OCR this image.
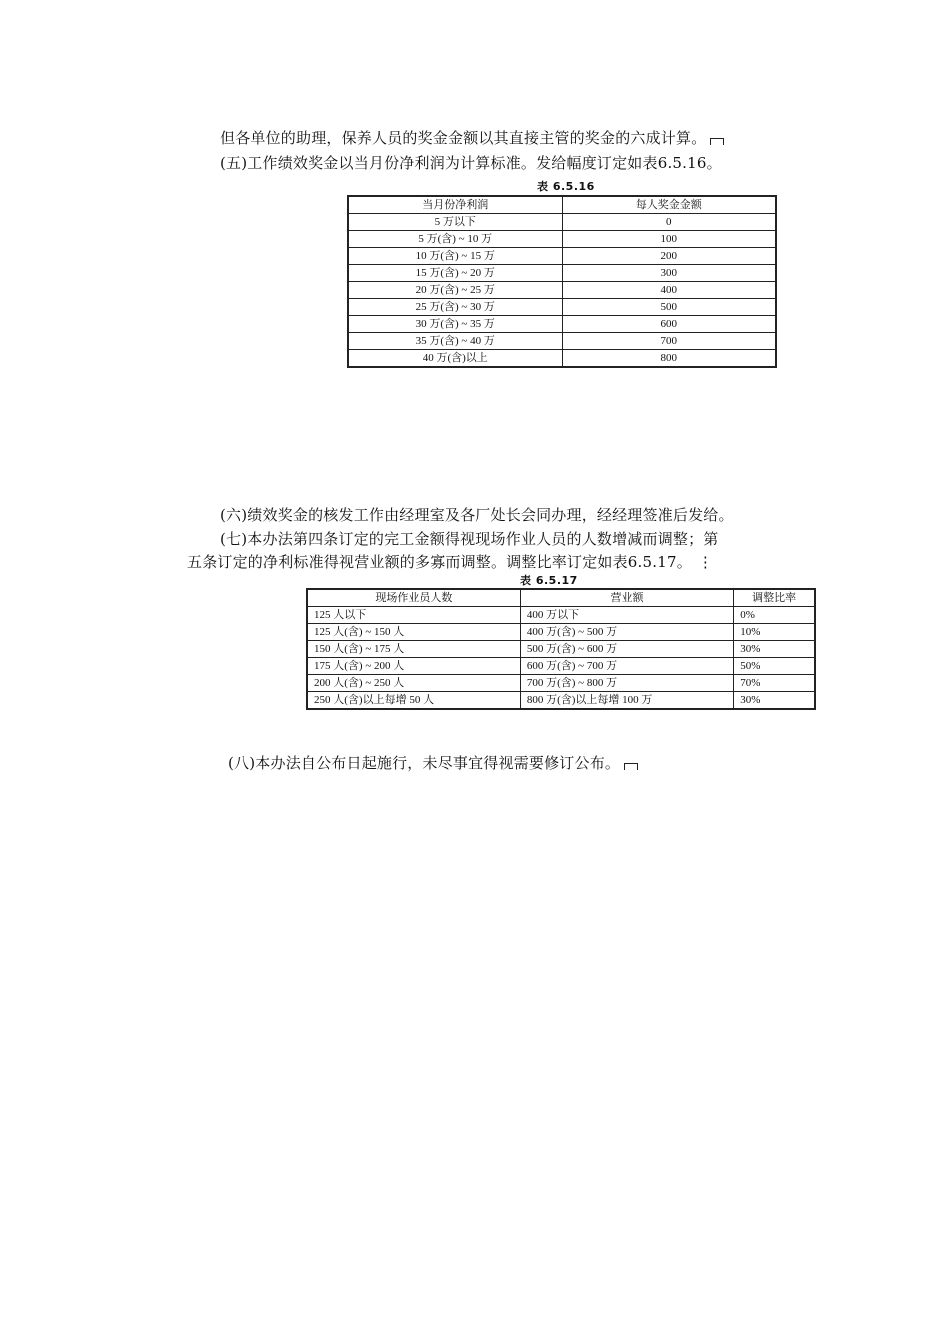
但各单位的助理，保养人员的奖金金额以其直接主管的奖金的六成计算。
(五)工作绩效奖金以当月份净利润为计算标准。发给幅度订定如表6.5.16。
表 6.5.16
当月份净利润	每人奖金金额
5 万以下	0
5 万(含) ~ 10 万	100
10 万(含) ~ 15 万	200
15 万(含) ~ 20 万	300
20 万(含) ~ 25 万	400
25 万(含) ~ 30 万	500
30 万(含) ~ 35 万	600
35 万(含) ~ 40 万	700
40 万(含)以上	800
(六)绩效奖金的核发工作由经理室及各厂处长会同办理，经经理签准后发给。
(七)本办法第四条订定的完工金额得视现场作业人员的人数增减而调整；第
五条订定的净利标准得视营业额的多寡而调整。调整比率订定如表6.5.17。 ⋮
表 6.5.17
现场作业员人数	营业额	调整比率
125 人以下	400 万以下	0%
125 人(含) ~ 150 人	400 万(含) ~ 500 万	10%
150 人(含) ~ 175 人	500 万(含) ~ 600 万	30%
175 人(含) ~ 200 人	600 万(含) ~ 700 万	50%
200 人(含) ~ 250 人	700 万(含) ~ 800 万	70%
250 人(含)以上每增 50 人	800 万(含)以上每增 100 万	30%
(八)本办法自公布日起施行，未尽事宜得视需要修订公布。
